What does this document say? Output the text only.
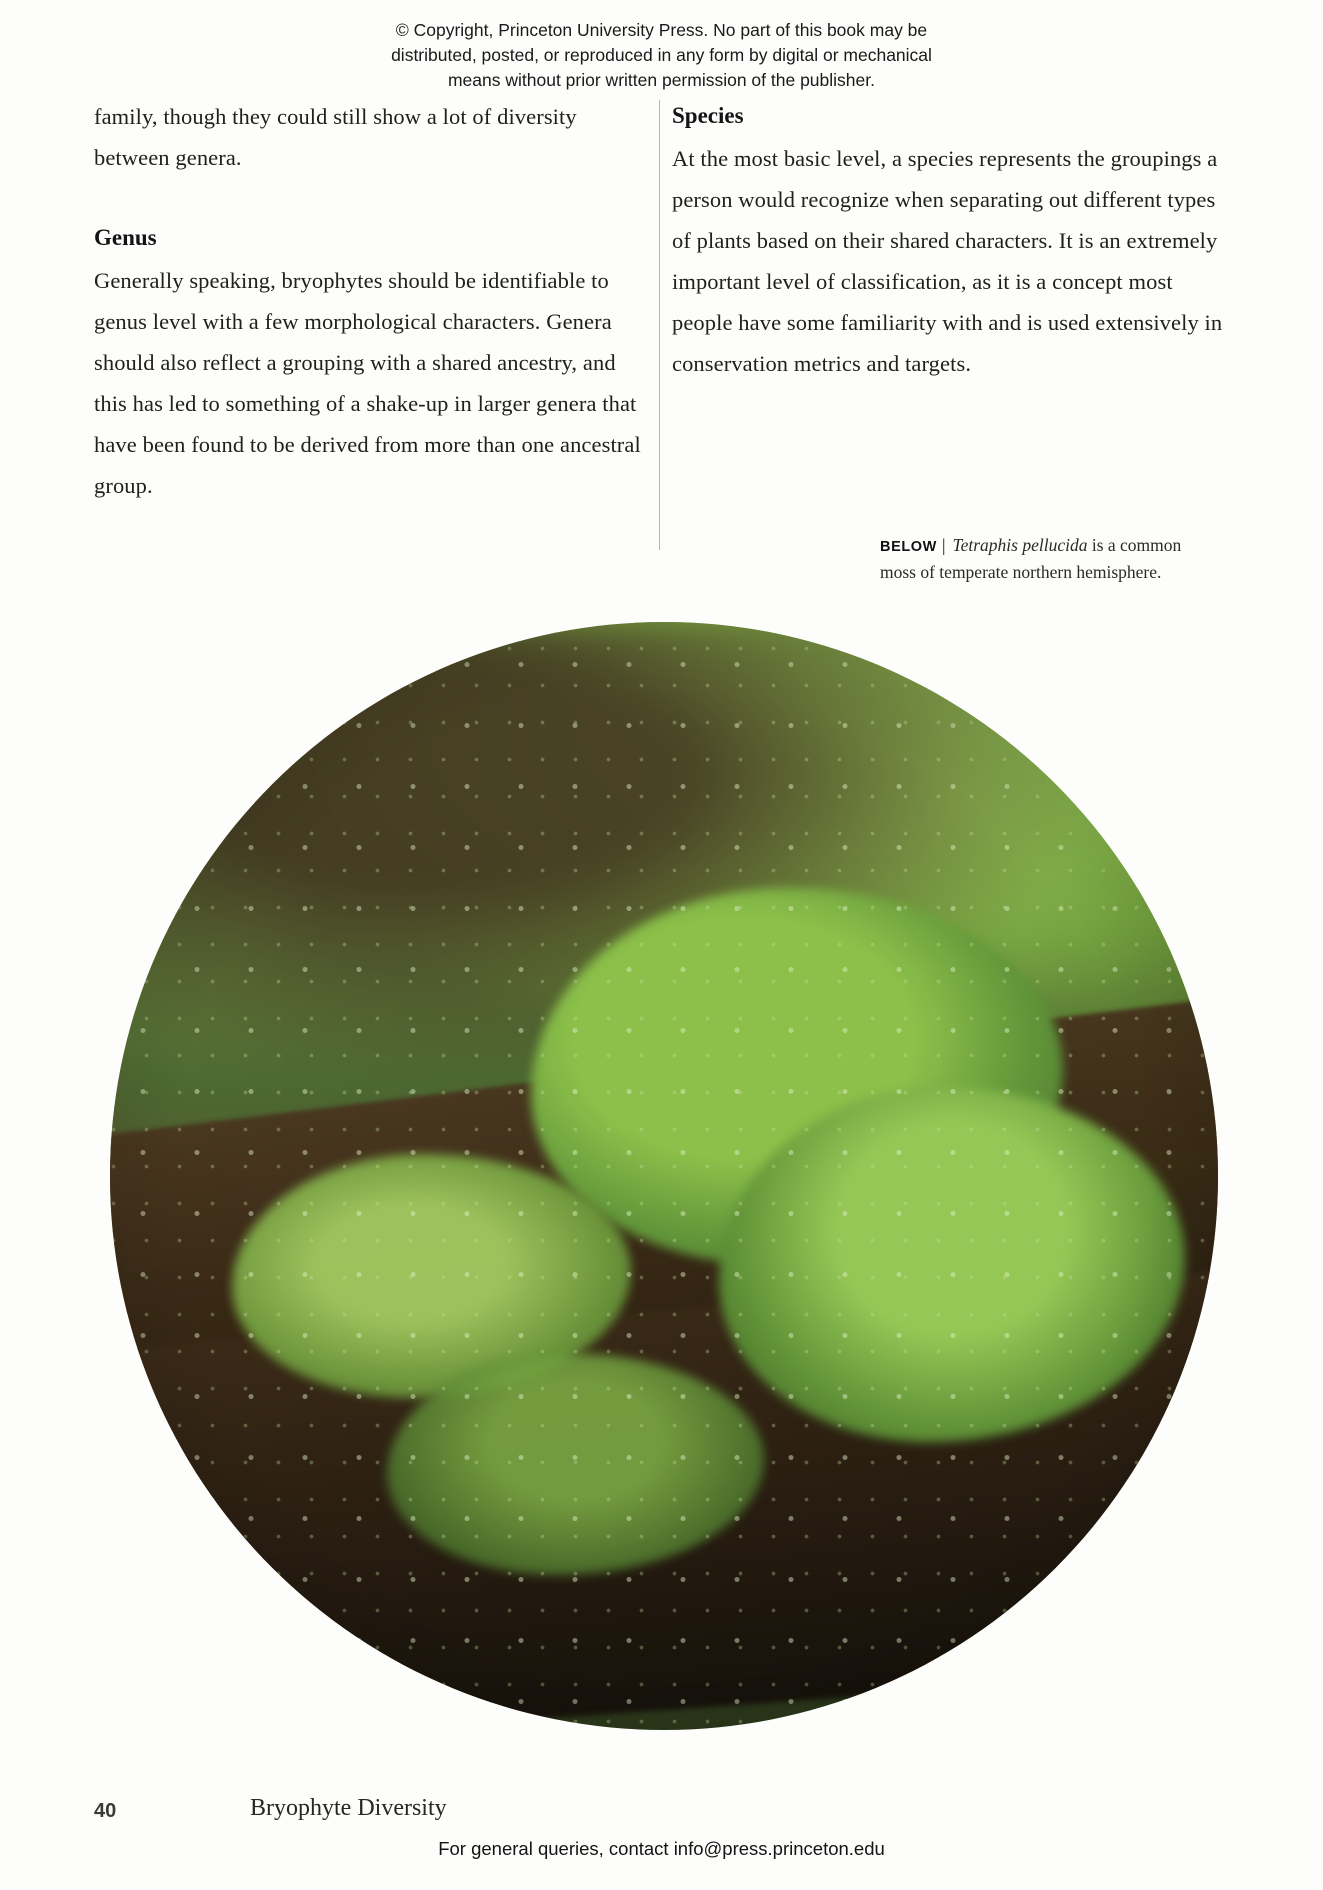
© Copyright, Princeton University Press. No part of this book may be
distributed, posted, or reproduced in any form by digital or mechanical
means without prior written permission of the publisher.

family, though they could still show a lot of diversity between genera.

Genus

Generally speaking, bryophytes should be identifiable to genus level with a few morphological characters. Genera should also reflect a grouping with a shared ancestry, and this has led to something of a shake-up in larger genera that have been found to be derived from more than one ancestral group.

Species

At the most basic level, a species represents the groupings a person would recognize when separating out different types of plants based on their shared characters. It is an extremely important level of classification, as it is a concept most people have some familiarity with and is used extensively in conservation metrics and targets.

BELOW | Tetraphis pellucida is a common moss of temperate northern hemisphere.
40	Bryophyte Diversity
For general queries, contact info@press.princeton.edu
